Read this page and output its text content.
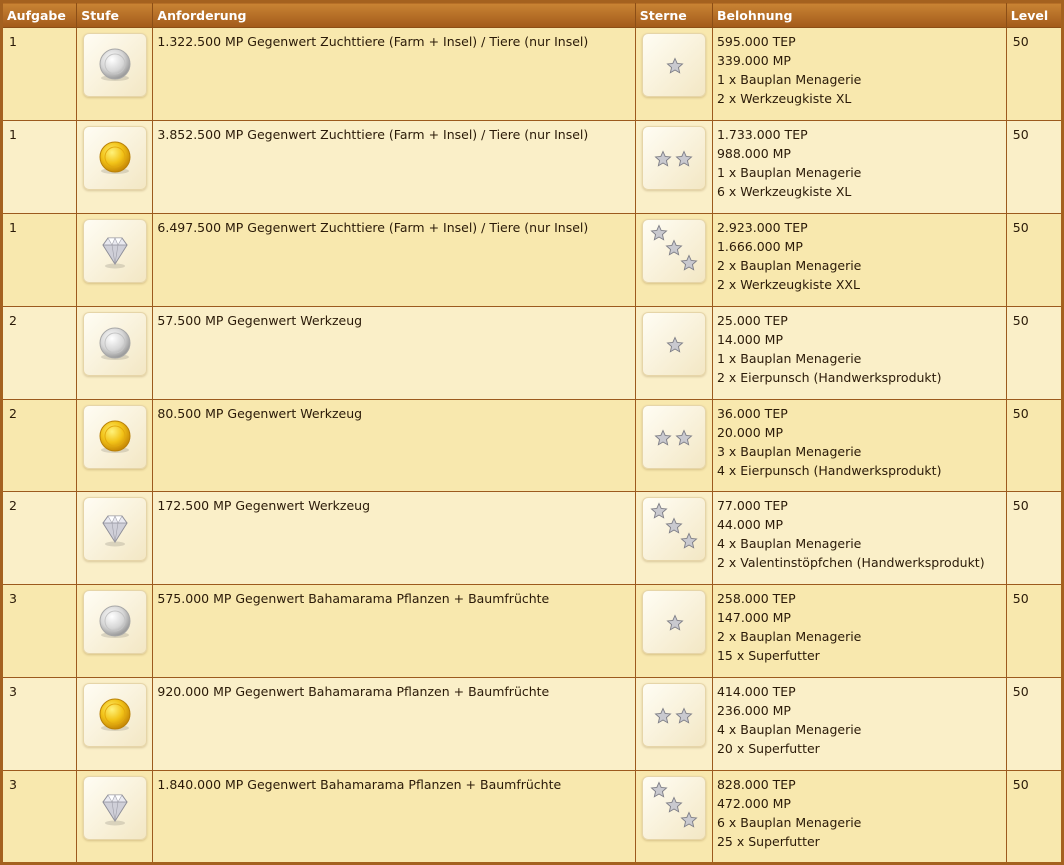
Aufgabe	Stufe	Anforderung	Sterne	Belohnung	Level
1		1.322.500 MP Gegenwert Zuchttiere (Farm + Insel) / Tiere (nur Insel)		595.000 TEP
339.000 MP
1 x Bauplan Menagerie
2 x Werkzeugkiste XL	50
1		3.852.500 MP Gegenwert Zuchttiere (Farm + Insel) / Tiere (nur Insel)		1.733.000 TEP
988.000 MP
1 x Bauplan Menagerie
6 x Werkzeugkiste XL	50
1		6.497.500 MP Gegenwert Zuchttiere (Farm + Insel) / Tiere (nur Insel)		2.923.000 TEP
1.666.000 MP
2 x Bauplan Menagerie
2 x Werkzeugkiste XXL	50
2		57.500 MP Gegenwert Werkzeug		25.000 TEP
14.000 MP
1 x Bauplan Menagerie
2 x Eierpunsch (Handwerksprodukt)	50
2		80.500 MP Gegenwert Werkzeug		36.000 TEP
20.000 MP
3 x Bauplan Menagerie
4 x Eierpunsch (Handwerksprodukt)	50
2		172.500 MP Gegenwert Werkzeug		77.000 TEP
44.000 MP
4 x Bauplan Menagerie
2 x Valentinstöpfchen (Handwerksprodukt)	50
3		575.000 MP Gegenwert Bahamarama Pflanzen + Baumfrüchte		258.000 TEP
147.000 MP
2 x Bauplan Menagerie
15 x Superfutter	50
3		920.000 MP Gegenwert Bahamarama Pflanzen + Baumfrüchte		414.000 TEP
236.000 MP
4 x Bauplan Menagerie
20 x Superfutter	50
3		1.840.000 MP Gegenwert Bahamarama Pflanzen + Baumfrüchte		828.000 TEP
472.000 MP
6 x Bauplan Menagerie
25 x Superfutter	50
